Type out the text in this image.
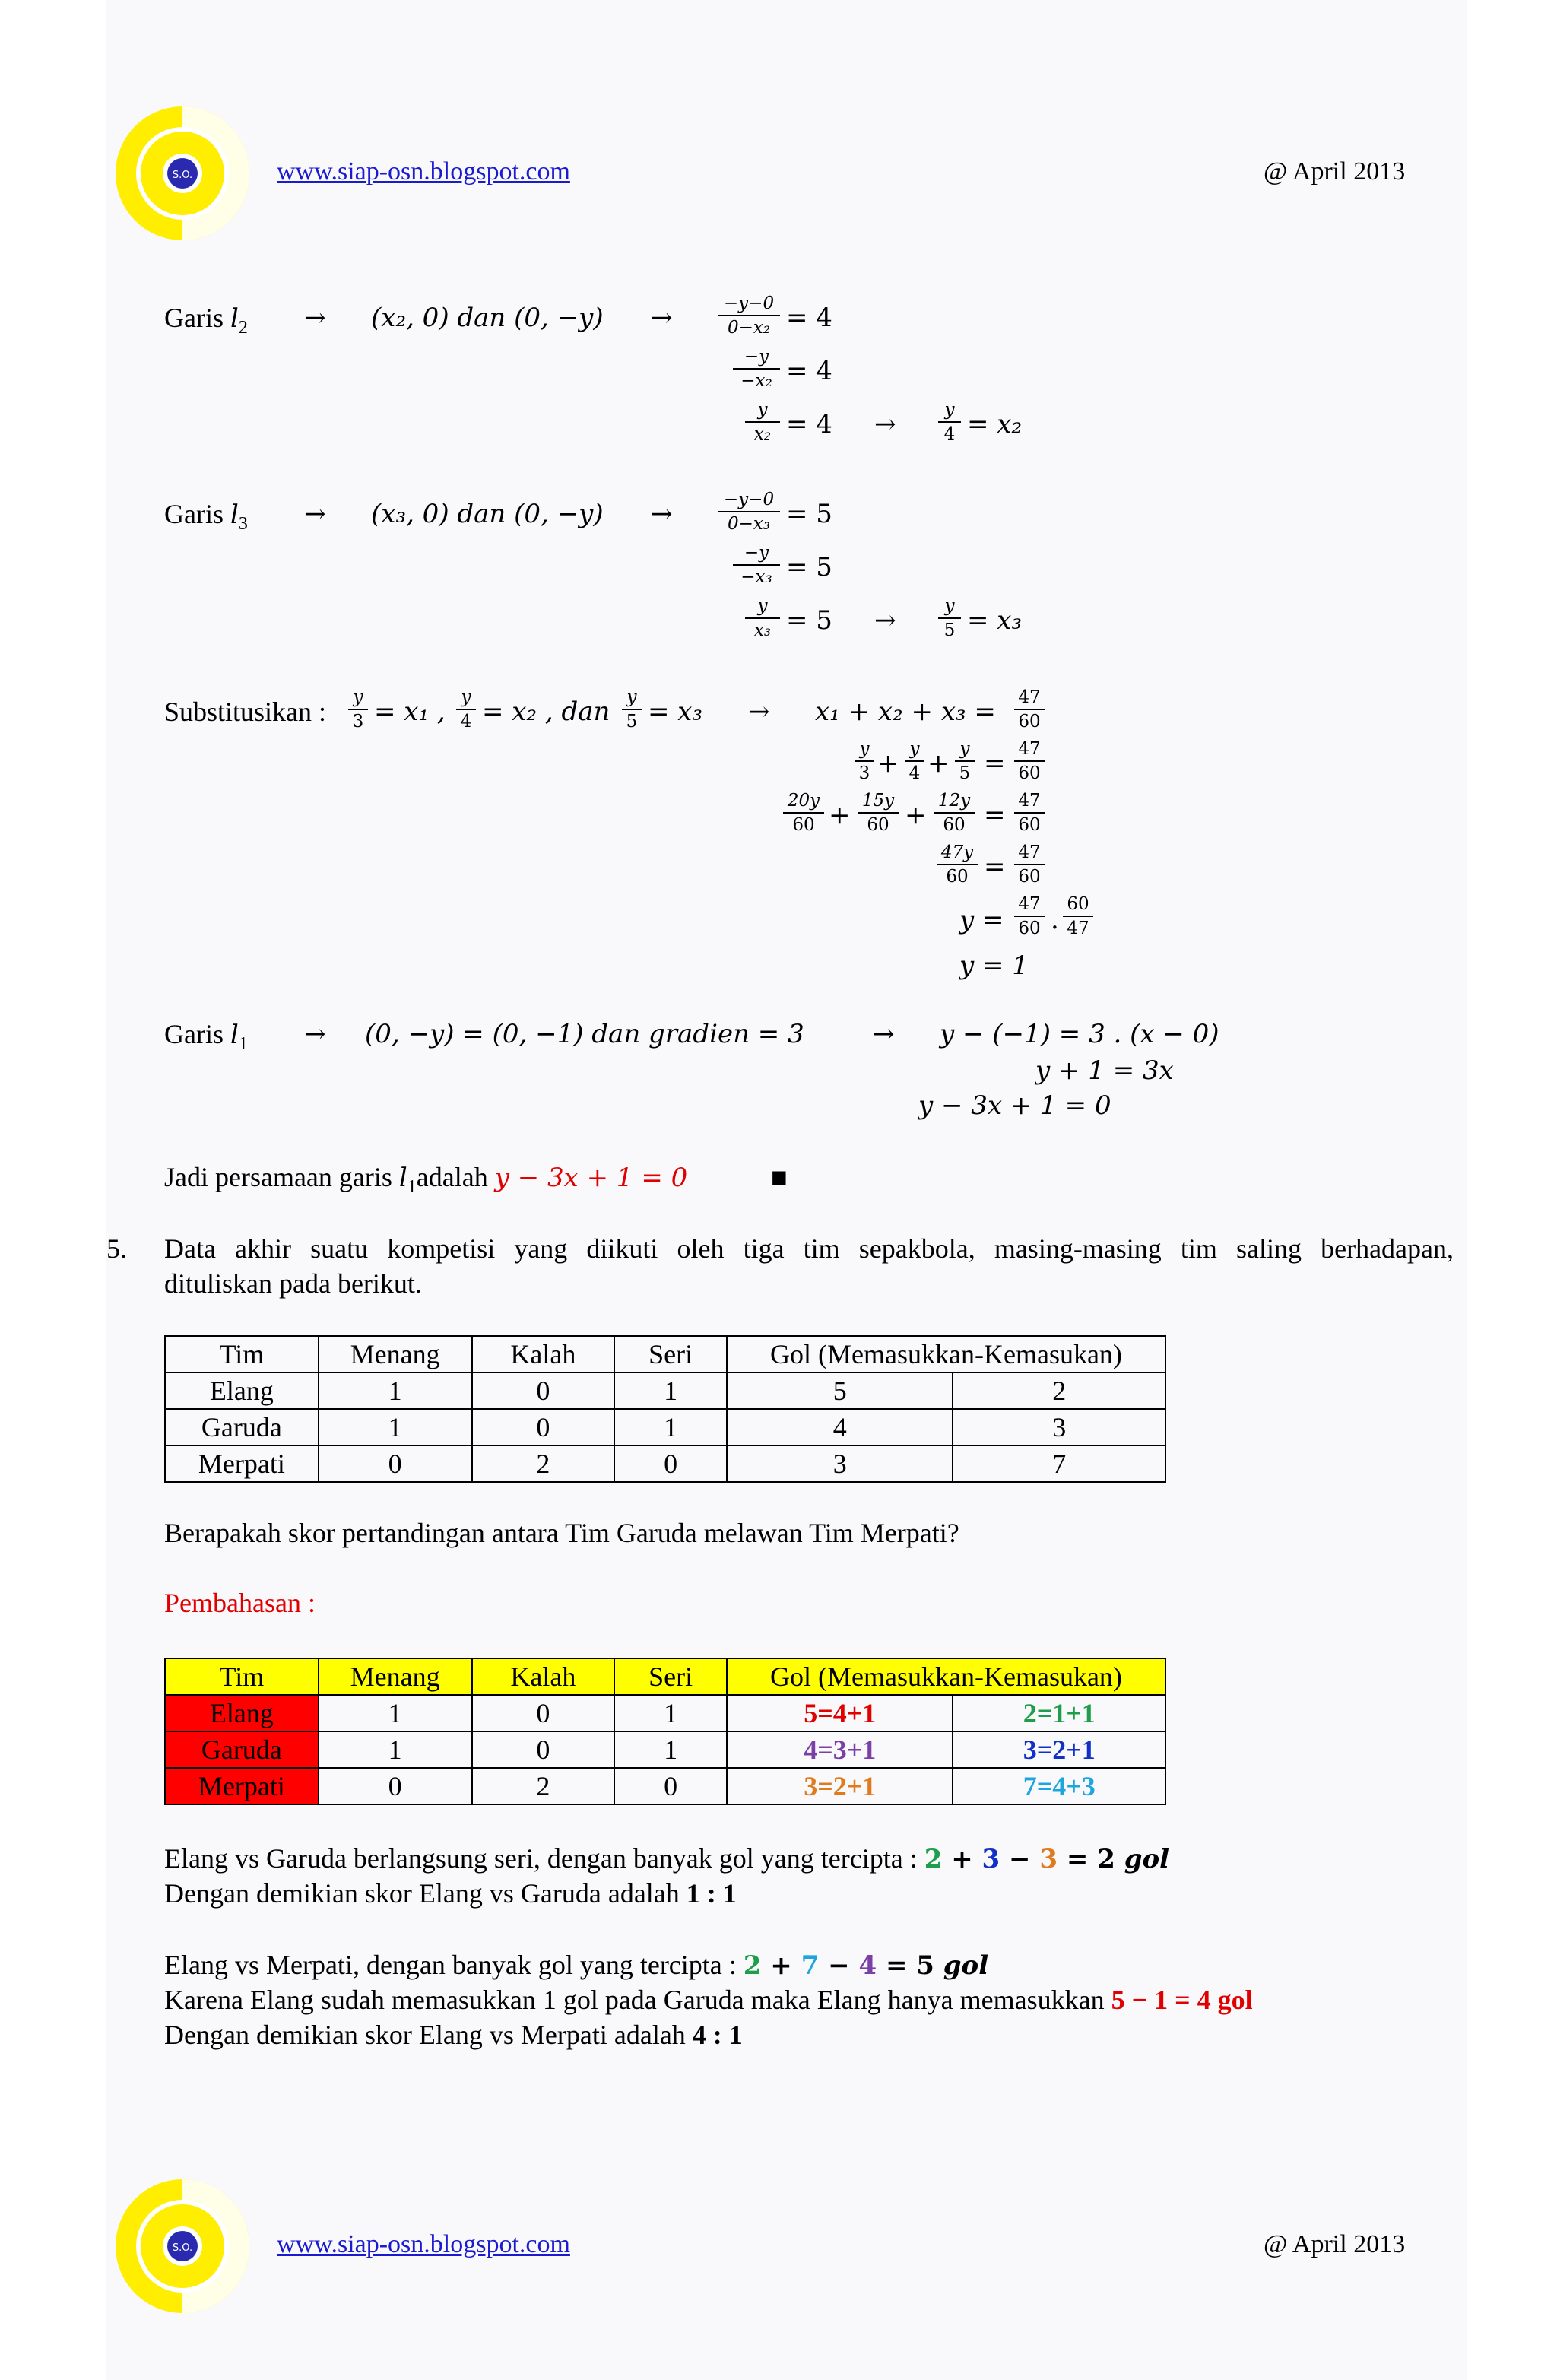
S.O.	www.siap-osn.blogspot.com	@ April 2013
Garis $l_2 \to (x_2$, 0) dan (0, −y) →	−y−0
0−x₂ = 4
−y
−x₂ = 4
y
x₂ = 4 →	y
4 = x₂
Garis $l_3 \to (x_3$, 0) dan (0, −y) →	−y−0
0−x₃ = 5
−y
−x₃ = 5
y
x₃ = 5 →	y
5 = x₃
Substitusikan : y
3 = x₁ , y
4 = x₂ , dan y
5 = x₃ → x₁ + x₂ + x₃ = 47
60
y
3 + y
4 + y
5 = 47
60
20y
60 + 15y
60 + 12y
60 = 47
60
47y
60 = 47
60
y =
47
60 .
60
47
y = 1
Garis $l_1 \to (0$, −y) = (0, −1) dan gradien = 3	→ y − (−1) = 3 . (x − 0)
y + 1 = 3x
y − 3x + 1 = 0
Jadi persamaan garis $l_1adalah$ y − 3x + 1 = 0	■
5. Data akhir suatu kompetisi yang diikuti oleh tiga tim sepakbola, masing-masing tim saling berhadapan,
dituliskan pada berikut.
Tim	Menang	Kalah	Seri	Gol (Memasukkan-Kemasukan)	
Elang	1	0	1	5	2
Garuda	1	0	1	4	3
Merpati	0	2	0	3	7
Berapakah skor pertandingan antara Tim Garuda melawan Tim Merpati?
Pembahasan :
Tim	Menang	Kalah	Seri	Gol (Memasukkan-Kemasukan)	
Elang	1	0	1	5=4+1	2=1+1
Garuda	1	0	1	4=3+1	3=2+1
Merpati	0	2	0	3=2+1	7=4+3
Elang vs Garuda berlangsung seri, dengan banyak gol yang tercipta : 2 + 3 − 3 = 2 gol
Dengan demikian skor Elang vs Garuda adalah 1 : 1
Elang vs Merpati, dengan banyak gol yang tercipta : 2 + 7 − 4 = 5 gol
Karena Elang sudah memasukkan 1 gol pada Garuda maka Elang hanya memasukkan 5 − 1 = 4 gol
Dengan demikian skor Elang vs Merpati adalah 4 : 1
S.O.	www.siap-osn.blogspot.com	@ April 2013
